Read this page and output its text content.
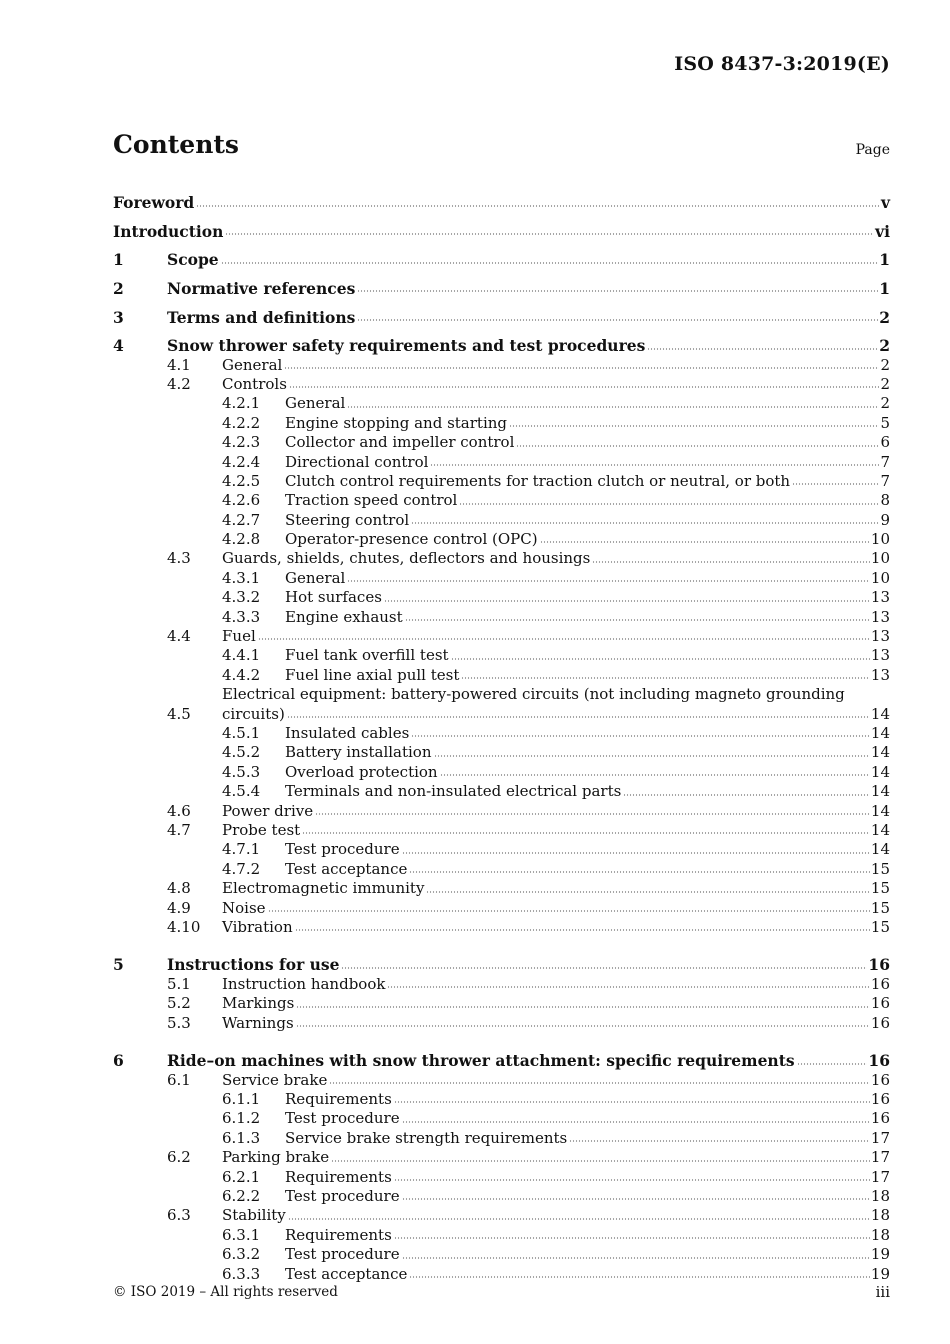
ISO 8437-3:2019(E)
Contents	Page
Foreword	v
Introduction	vi
1	Scope	1
2	Normative references	1
3	Terms and definitions	2
4	Snow thrower safety requirements and test procedures	2
4.1	General	2
4.2	Controls	2
4.2.1	General	2
4.2.2	Engine stopping and starting	5
4.2.3	Collector and impeller control	6
4.2.4	Directional control	7
4.2.5	Clutch control requirements for traction clutch or neutral, or both	7
4.2.6	Traction speed control	8
4.2.7	Steering control	9
4.2.8	Operator-presence control (OPC)	10
4.3	Guards, shields, chutes, deflectors and housings	10
4.3.1	General	10
4.3.2	Hot surfaces	13
4.3.3	Engine exhaust	13
4.4	Fuel	13
4.4.1	Fuel tank overfill test	13
4.4.2	Fuel line axial pull test	13
4.5
Electrical equipment: battery-powered circuits (not including magneto grounding
circuits)	14
4.5.1	Insulated cables	14
4.5.2	Battery installation	14
4.5.3	Overload protection	14
4.5.4	Terminals and non-insulated electrical parts	14
4.6	Power drive	14
4.7	Probe test	14
4.7.1	Test procedure	14
4.7.2	Test acceptance	15
4.8	Electromagnetic immunity	15
4.9	Noise	15
4.10	Vibration	15
5	Instructions for use	16
5.1	Instruction handbook	16
5.2	Markings	16
5.3	Warnings	16
6	Ride–on machines with snow thrower attachment: specific requirements	16
6.1	Service brake	16
6.1.1	Requirements	16
6.1.2	Test procedure	16
6.1.3	Service brake strength requirements	17
6.2	Parking brake	17
6.2.1	Requirements	17
6.2.2	Test procedure	18
6.3	Stability	18
6.3.1	Requirements	18
6.3.2	Test procedure	19
6.3.3	Test acceptance	19
© ISO 2019 – All rights reserved	iii
